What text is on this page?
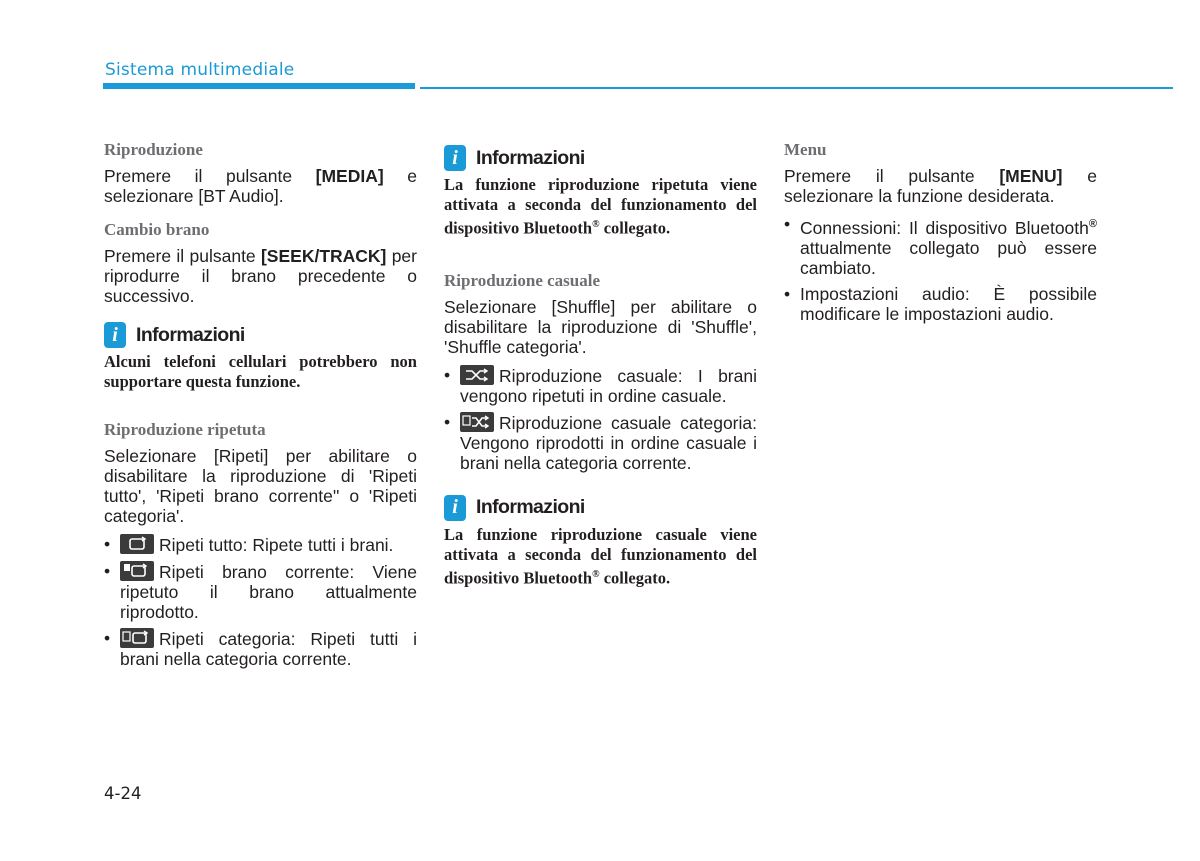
Sistema multimediale
Riproduzione

Premere il pulsante [MEDIA] e selezionare [BT Audio].

Cambio brano

Premere il pulsante [SEEK/TRACK] per riprodurre il brano precedente o successivo.

i Informazioni

Alcuni telefoni cellulari potrebbero non supportare questa funzione.

Riproduzione ripetuta

Selezionare [Ripeti] per abilitare o disabilitare la riproduzione di 'Ripeti tutto', 'Ripeti brano corrente'' o 'Ripeti categoria'.

• Ripeti tutto: Ripete tutti i brani.
• Ripeti brano corrente: Viene ripetuto il brano attualmente riprodotto.
• Ripeti categoria: Ripeti tutti i brani nella categoria corrente.
i Informazioni

La funzione riproduzione ripetuta viene attivata a seconda del funzionamento del dispositivo Bluetooth® collegato.

Riproduzione casuale

Selezionare [Shuffle] per abilitare o disabilitare la riproduzione di 'Shuffle', 'Shuffle categoria'.

• Riproduzione casuale: I brani vengono ripetuti in ordine casuale.
• Riproduzione casuale categoria: Vengono riprodotti in ordine casuale i brani nella categoria corrente.
i Informazioni

La funzione riproduzione casuale viene attivata a seconda del funzionamento del dispositivo Bluetooth® collegato.

Menu

Premere il pulsante [MENU] e selezionare la funzione desiderata.

• Connessioni: Il dispositivo Bluetooth® attualmente collegato può essere cambiato.
• Impostazioni audio: È possibile modificare le impostazioni audio.
4-24
